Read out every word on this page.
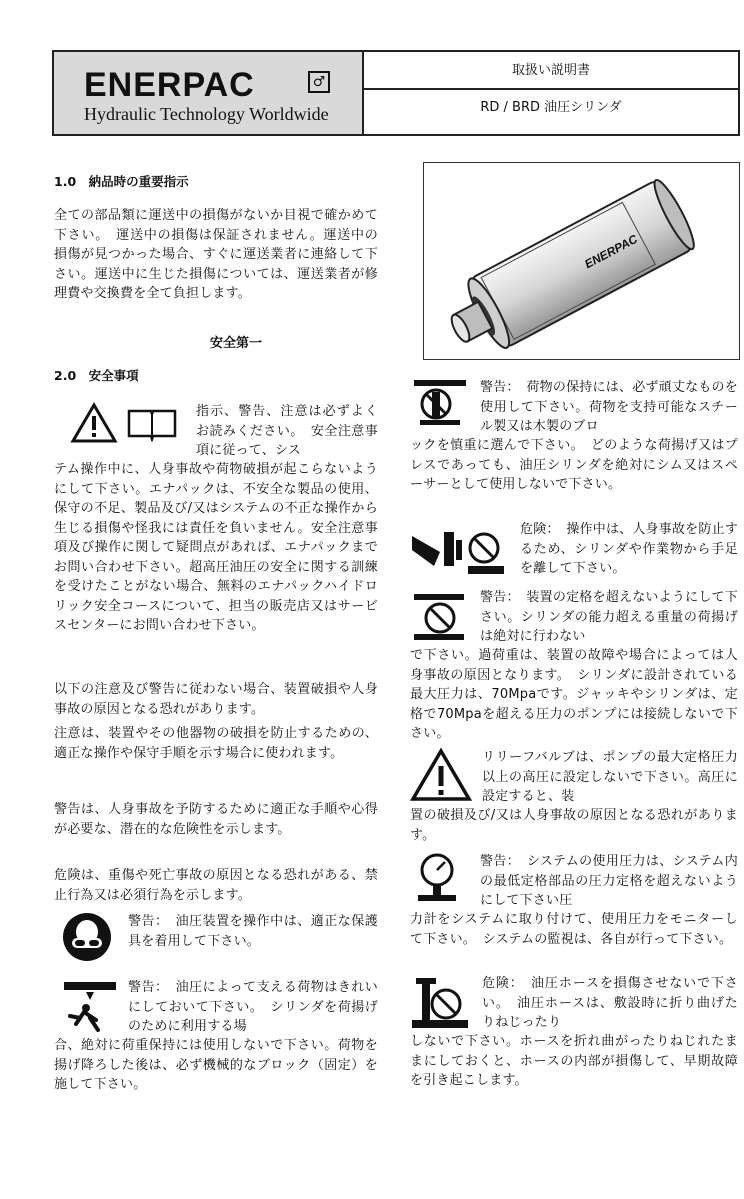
ENERPAC	♂
Hydraulic Technology Worldwide
取扱い説明書
RD / BRD 油圧シリンダ
1.0　納品時の重要指示
全ての部品類に運送中の損傷がないか目視で確かめて下さい。　運送中の損傷は保証されません。運送中の損傷が見つかった場合、すぐに運送業者に連絡して下さい。運送中に生じた損傷については、運送業者が修理費や交換費を全て負担します。
安全第一
2.0　安全事項
指示、警告、注意は必ずよくお読みください。　安全注意事項に従って、シス
テム操作中に、人身事故や荷物破損が起こらないようにして下さい。エナパックは、不安全な製品の使用、保守の不足、製品及び/又はシステムの不正な操作から生じる損傷や怪我には責任を負いません。安全注意事項及び操作に関して疑問点があれば、エナパックまでお問い合わせ下さい。超高圧油圧の安全に関する訓練を受けたことがない場合、無料のエナパックハイドロリック安全コースについて、担当の販売店又はサービスセンターにお問い合わせ下さい。
以下の注意及び警告に従わない場合、装置破損や人身事故の原因となる恐れがあります。
注意は、装置やその他器物の破損を防止するための、適正な操作や保守手順を示す場合に使われます。
警告は、人身事故を予防するために適正な手順や心得が必要な、潜在的な危険性を示します。
危険は、重傷や死亡事故の原因となる恐れがある、禁止行為又は必須行為を示します。
警告：　油圧装置を操作中は、適正な保護具を着用して下さい。
警告：　油圧によって支える荷物はきれいにしておいて下さい。　シリンダを荷揚げのために利用する場
合、絶対に荷重保持には使用しないで下さい。荷物を揚げ降ろした後は、必ず機械的なブロック（固定）を施して下さい。
ENERPAC
警告：　荷物の保持には、必ず頑丈なものを使用して下さい。荷物を支持可能なスチール製又は木製のブロ
ックを慎重に選んで下さい。　どのような荷揚げ又はプレスであっても、油圧シリンダを絶対にシム又はスペーサーとして使用しないで下さい。
危険：　操作中は、人身事故を防止するため、シリンダや作業物から手足を離して下さい。
警告：　装置の定格を超えないようにして下さい。シリンダの能力超える重量の荷揚げは絶対に行わない
で下さい。過荷重は、装置の故障や場合によっては人身事故の原因となります。　シリンダに設計されている最大圧力は、70Mpaです。ジャッキやシリンダは、定格で70Mpaを超える圧力のポンプには接続しないで下さい。
リリーフバルブは、ポンプの最大定格圧力以上の高圧に設定しないで下さい。高圧に設定すると、装
置の破損及び/又は人身事故の原因となる恐れがあります。
警告：　システムの使用圧力は、システム内の最低定格部品の圧力定格を超えないようにして下さい圧
力計をシステムに取り付けて、使用圧力をモニターして下さい。　システムの監視は、各自が行って下さい。
危険：　油圧ホースを損傷させないで下さい。　油圧ホースは、敷設時に折り曲げたりねじったり
しないで下さい。ホースを折れ曲がったりねじれたままにしておくと、ホースの内部が損傷して、早期故障を引き起こします。
